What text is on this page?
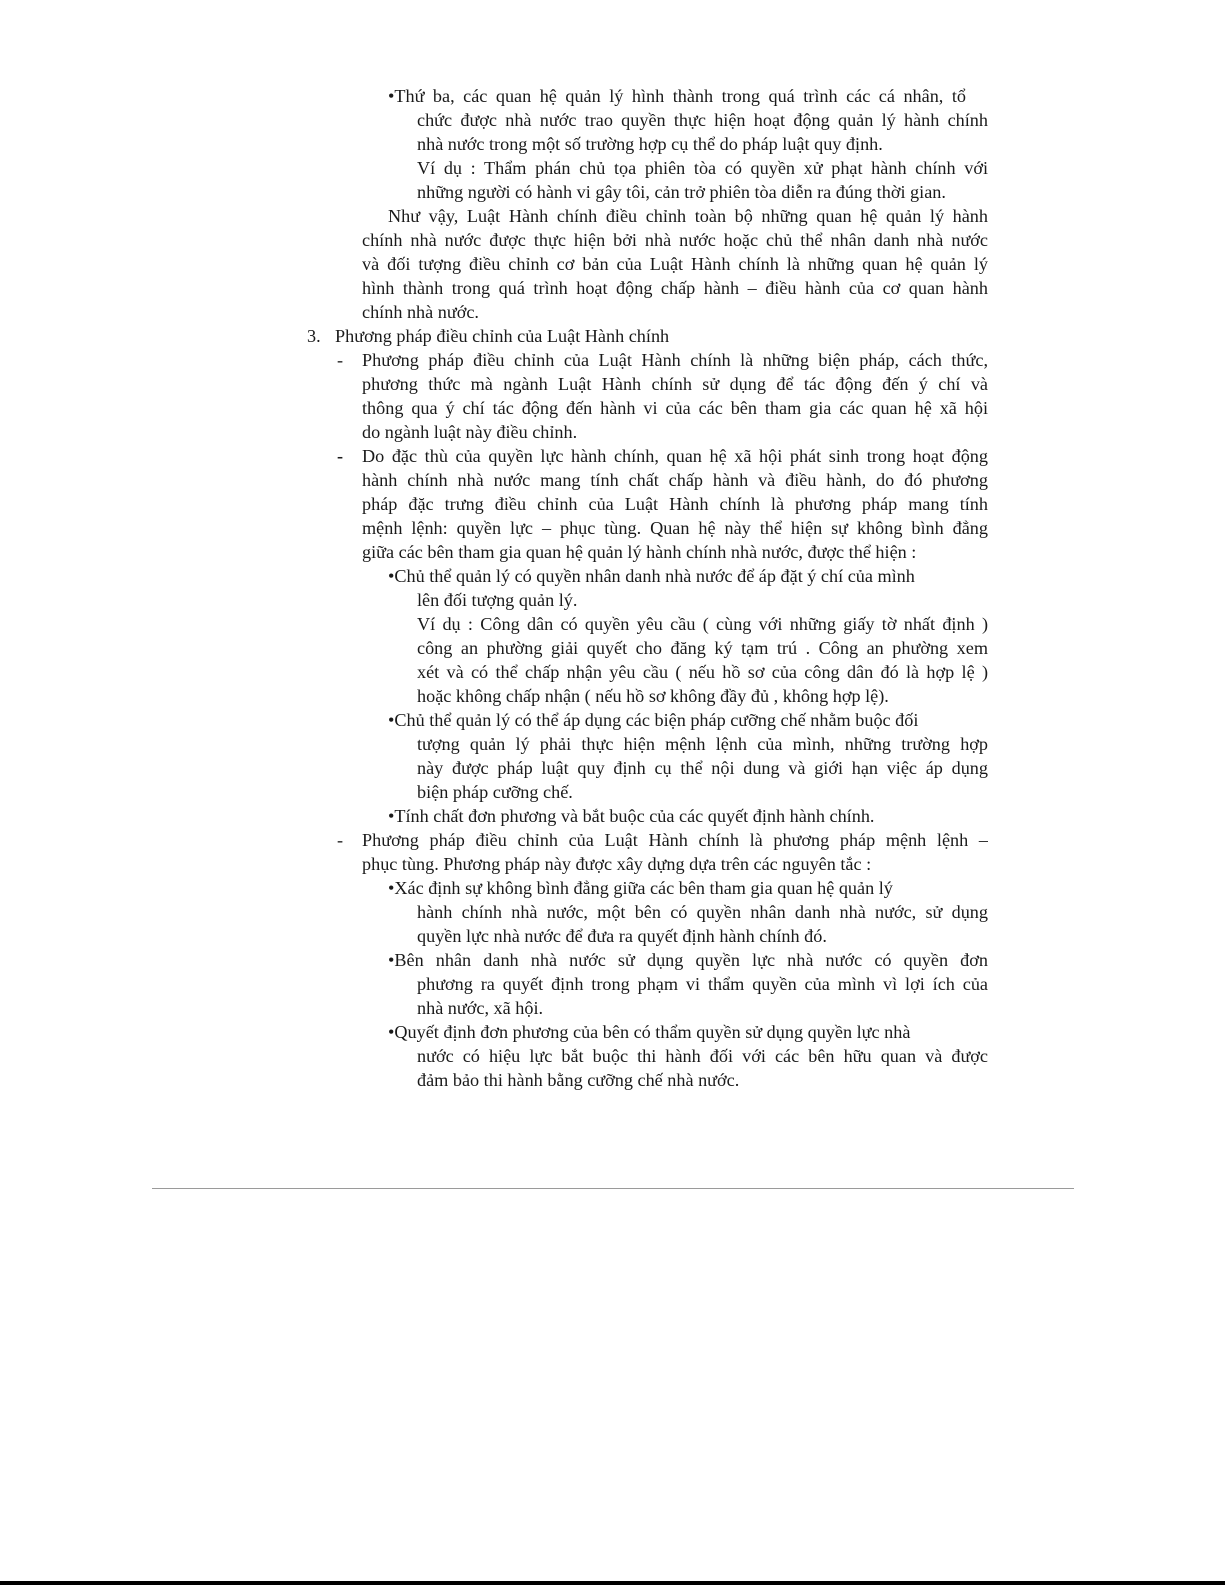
•Thứ ba, các quan hệ quản lý hình thành trong quá trình các cá nhân, tổ
chức được nhà nước trao quyền thực hiện hoạt động quản lý hành chính
nhà nước trong một số trường hợp cụ thể do pháp luật quy định.
Ví dụ : Thẩm phán chủ tọa phiên tòa có quyền xử phạt hành chính với
những người có hành vi gây tôi, cản trở phiên tòa diễn ra đúng thời gian.
Như vậy, Luật Hành chính điều chỉnh toàn bộ những quan hệ quản lý hành
chính nhà nước được thực hiện bởi nhà nước hoặc chủ thể nhân danh nhà nước
và đối tượng điều chỉnh cơ bản của Luật Hành chính là những quan hệ quản lý
hình thành trong quá trình hoạt động chấp hành – điều hành của cơ quan hành
chính nhà nước.
3. Phương pháp điều chỉnh của Luật Hành chính
- Phương pháp điều chỉnh của Luật Hành chính là những biện pháp, cách thức,
phương thức mà ngành Luật Hành chính sử dụng để tác động đến ý chí và
thông qua ý chí tác động đến hành vi của các bên tham gia các quan hệ xã hội
do ngành luật này điều chỉnh.
- Do đặc thù của quyền lực hành chính, quan hệ xã hội phát sinh trong hoạt động
hành chính nhà nước mang tính chất chấp hành và điều hành, do đó phương
pháp đặc trưng điều chỉnh của Luật Hành chính là phương pháp mang tính
mệnh lệnh: quyền lực – phục tùng. Quan hệ này thể hiện sự không bình đẳng
giữa các bên tham gia quan hệ quản lý hành chính nhà nước, được thể hiện :
•Chủ thể quản lý có quyền nhân danh nhà nước để áp đặt ý chí của mình
lên đối tượng quản lý.
Ví dụ : Công dân có quyền yêu cầu ( cùng với những giấy tờ nhất định )
công an phường giải quyết cho đăng ký tạm trú . Công an phường xem
xét và có thể chấp nhận yêu cầu ( nếu hồ sơ của công dân đó là hợp lệ )
hoặc không chấp nhận ( nếu hồ sơ không đầy đủ , không hợp lệ).
•Chủ thể quản lý có thể áp dụng các biện pháp cưỡng chế nhằm buộc đối
tượng quản lý phải thực hiện mệnh lệnh của mình, những trường hợp
này được pháp luật quy định cụ thể nội dung và giới hạn việc áp dụng
biện pháp cưỡng chế.
•Tính chất đơn phương và bắt buộc của các quyết định hành chính.
- Phương pháp điều chỉnh của Luật Hành chính là phương pháp mệnh lệnh –
phục tùng. Phương pháp này được xây dựng dựa trên các nguyên tắc :
•Xác định sự không bình đẳng giữa các bên tham gia quan hệ quản lý
hành chính nhà nước, một bên có quyền nhân danh nhà nước, sử dụng
quyền lực nhà nước để đưa ra quyết định hành chính đó.
•Bên nhân danh nhà nước sử dụng quyền lực nhà nước có quyền đơn
phương ra quyết định trong phạm vi thẩm quyền của mình vì lợi ích của
nhà nước, xã hội.
•Quyết định đơn phương của bên có thẩm quyền sử dụng quyền lực nhà
nước có hiệu lực bắt buộc thi hành đối với các bên hữu quan và được
đảm bảo thi hành bằng cưỡng chế nhà nước.
